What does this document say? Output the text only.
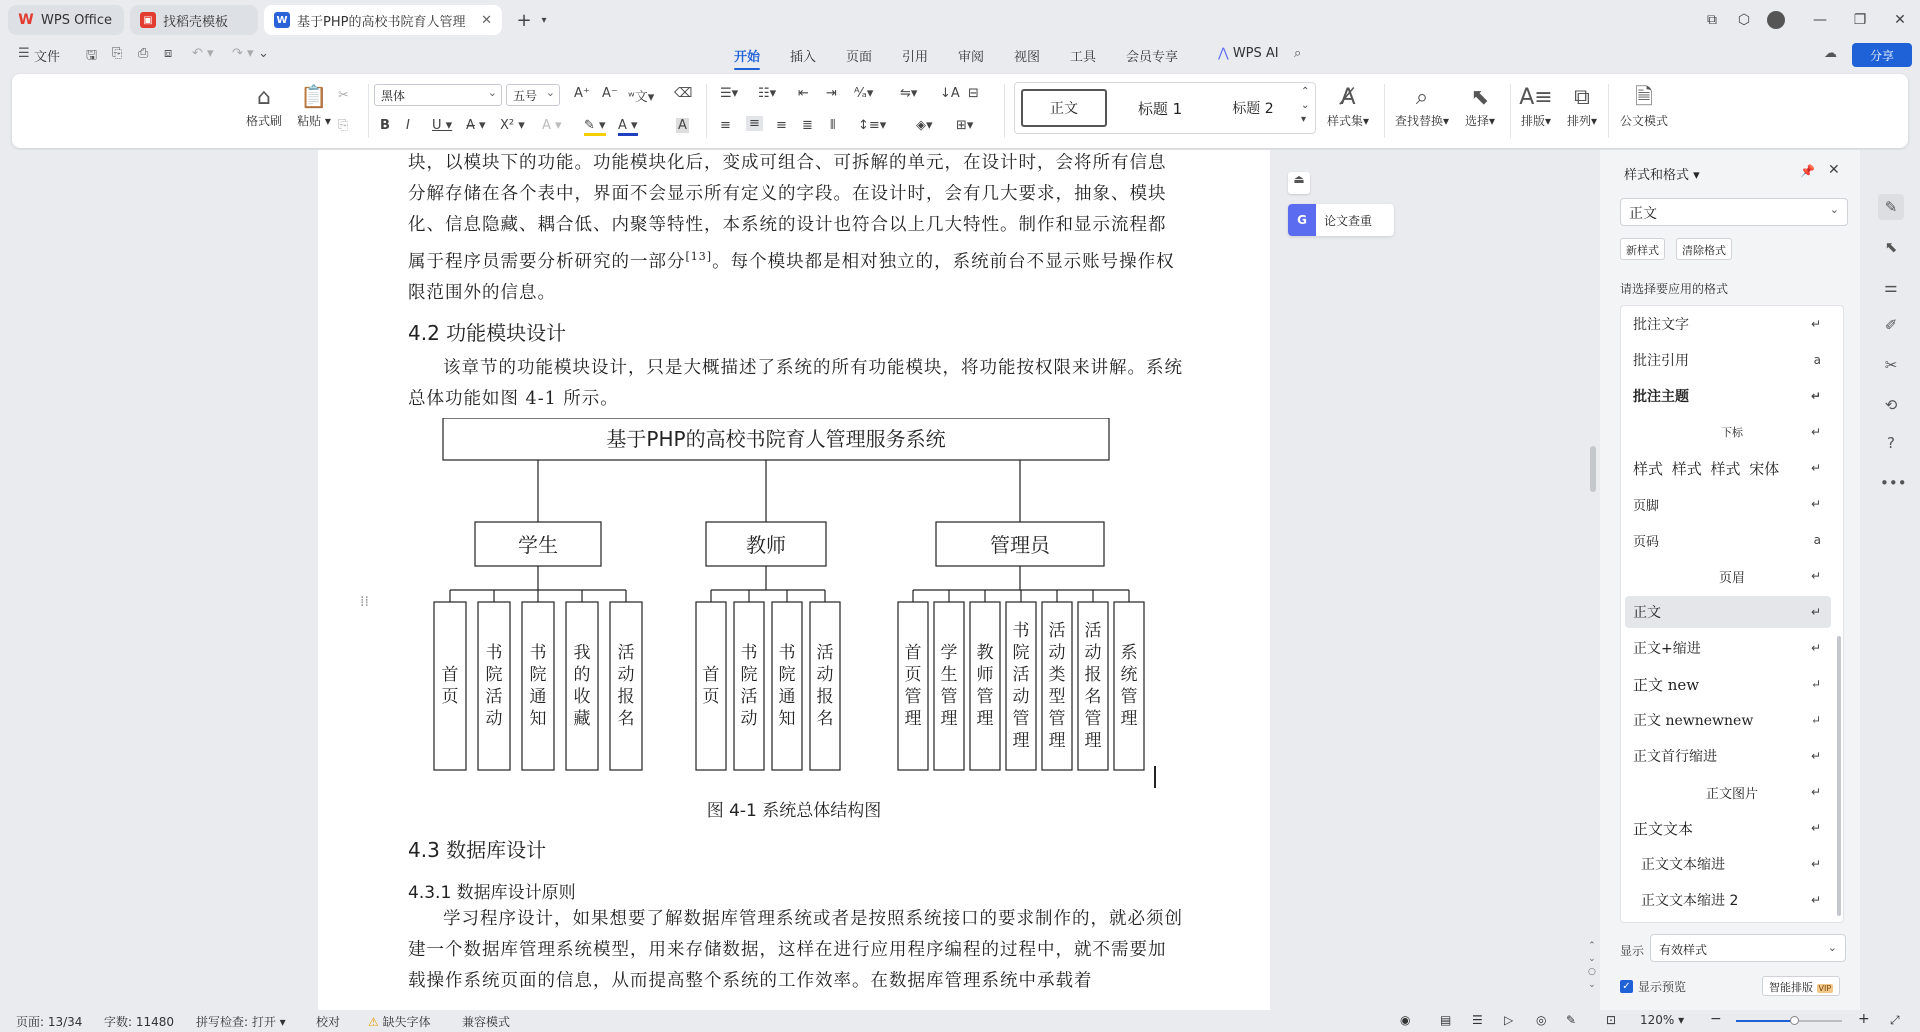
W WPS Office	▣ 找稻壳模板	W 基于PHP的高校书院育人管理 ✕ + ▾	⧉	⬡	—	❐	✕
☰ 文件 🖫 ⎘ ⎙ ⧈ ↶ ▾ ↷ ▾ ⌄	开始 插入 页面 引用 审阅 视图 工具 会员专享	⋀ WPS AI ⌕	☁	分享
⌂
格式刷
📋
粘贴 ▾
✂
⎘
黑体	⌄	五号 ⌄ A⁺ A⁻ ʷ文▾ ⌫
B I U ▾ A̶ ▾ X² ▾ A ▾ ✎ ▾ A ▾	A
☰▾ ☷▾ ⇤ ⇥ ᴬ⁄ₐ▾ ⇋▾ ↓A ⊟
≡ ≡ ≡ ≣ ⫴ ↕≡▾ ◈▾ ⊞▾
正文	标题 1	标题 2
⌃
⌄
▾
A̸
样式集▾
⌕
查找替换▾
⬉
选择▾
A≡
排版▾
⧉
排列▾
🗎
公文模式
块，以模块下的功能。功能模块化后，变成可组合、可拆解的单元，在设计时，会将所有信息分解存储在各个表中，界面不会显示所有定义的字段。在设计时，会有几大要求，抽象、模块化、信息隐藏、耦合低、内聚等特性，本系统的设计也符合以上几大特性。制作和显示流程都属于程序员需要分析研究的一部分[13]。每个模块都是相对独立的，系统前台不显示账号操作权限范围外的信息。
4.2 功能模块设计
该章节的功能模块设计，只是大概描述了系统的所有功能模块，将功能按权限来讲解。系统总体功能如图 4-1 所示。
基于PHP的高校书院育人管理服务系统
学生
首页
书院活动
书院通知
我的收藏
活动报名
教师
首页
书院活动
书院通知
活动报名
管理员
首页管理
学生管理
教师管理
书院活动管理
活动类型管理
活动报名管理
系统管理
图 4-1 系统总体结构图
4.3 数据库设计
4.3.1 数据库设计原则
学习程序设计，如果想要了解数据库管理系统或者是按照系统接口的要求制作的，就必须创建一个数据库管理系统模型，用来存储数据，这样在进行应用程序编程的过程中，就不需要加载操作系统页面的信息，从而提高整个系统的工作效率。在数据库管理系统中承载着
⁞⁞
⏏
G	论文查重
⌃
⌄
○
⌄
样式和格式 ▾	📌 ✕
正文	⌄
新样式	清除格式
请选择要应用的格式
批注文字	↵
批注引用	a
批注主题	↵
下标	↵
样式 样式 样式 宋体	↵
页脚	↵
页码	a
页眉	↵
正文	↵
正文+缩进	↵
正文 new	↵
正文 newnewnew	↵
正文首行缩进	↵
正文图片	↵
正文文本	↵
正文文本缩进	↵
正文文本缩进 2	↵
显示	有效样式	⌄
✓ 显示预览	智能排版 VIP
✎
⬉
⚌
✐
✂
⟲
?
•••
页面: 13/34 字数: 11480 拼写检查: 打开 ▾	校对 ⚠ 缺失字体	兼容模式	◉ ▤ ☰ ▷ ◎ ✎ ⊡ 120% ▾ −	+ ⤢
